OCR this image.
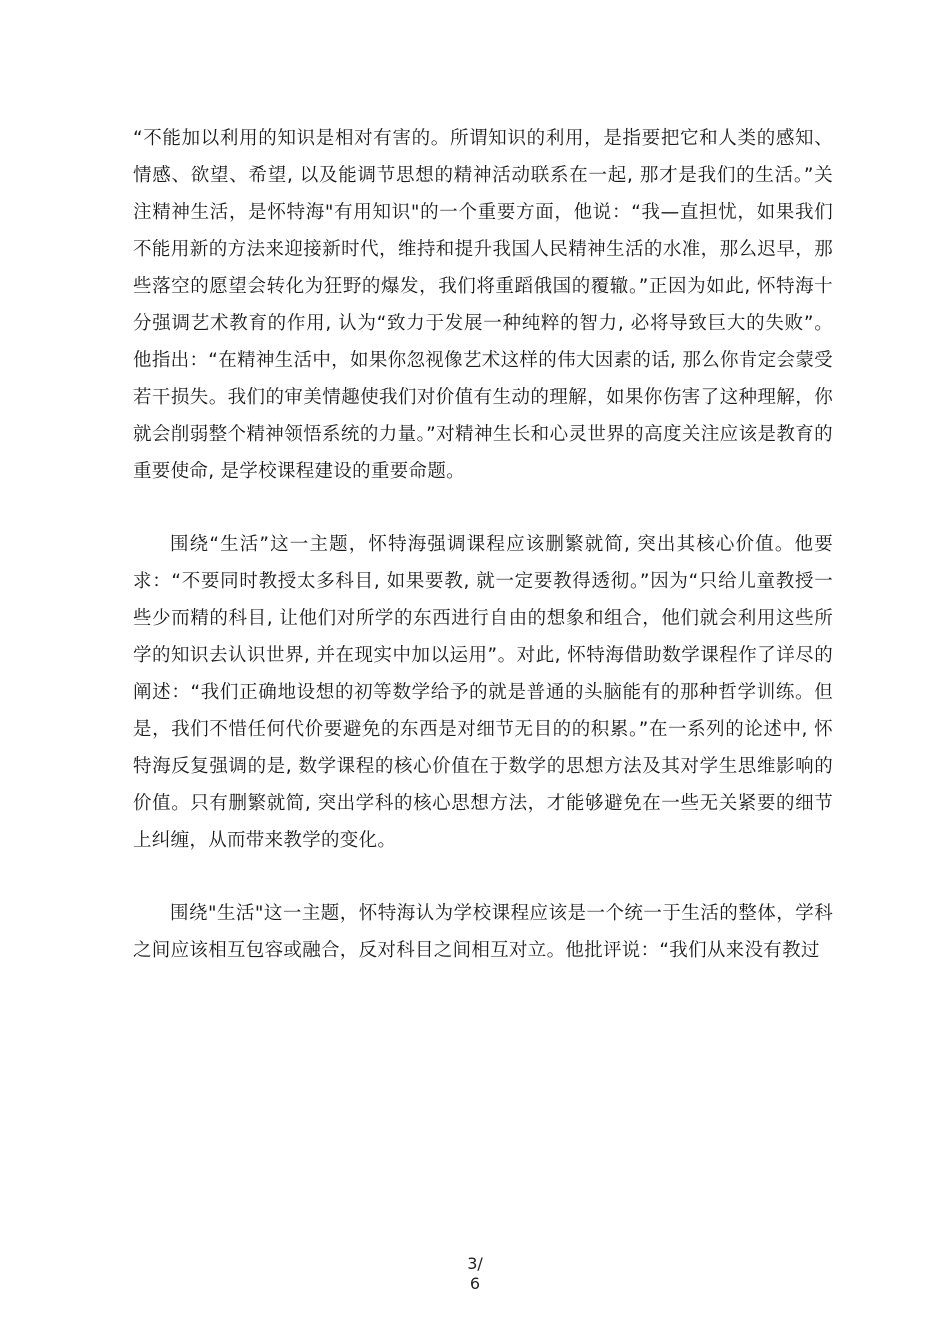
“不能加以利用的知识是相对有害的。所谓知识的利用，是指要把它和人类的感知、情感、欲望、希望, 以及能调节思想的精神活动联系在一起, 那才是我们的生活。”关注精神生活，是怀特海"有用知识"的一个重要方面，他说：“我—直担忧，如果我们不能用新的方法来迎接新时代，维持和提升我国人民精神生活的水准，那么迟早，那些落空的愿望会转化为狂野的爆发，我们将重蹈俄国的覆辙。”正因为如此, 怀特海十分强调艺术教育的作用, 认为“致力于发展一种纯粹的智力, 必将导致巨大的失败”。他指出：“在精神生活中，如果你忽视像艺术这样的伟大因素的话, 那么你肯定会蒙受若干损失。我们的审美情趣使我们对价值有生动的理解，如果你伤害了这种理解，你就会削弱整个精神领悟系统的力量。”对精神生长和心灵世界的高度关注应该是教育的重要使命, 是学校课程建设的重要命题。

围绕“生活”这一主题，怀特海强调课程应该删繁就简, 突出其核心价值。他要求：“不要同时教授太多科目, 如果要教, 就一定要教得透彻。”因为“只给儿童教授一些少而精的科目, 让他们对所学的东西进行自由的想象和组合，他们就会利用这些所学的知识去认识世界, 并在现实中加以运用”。对此, 怀特海借助数学课程作了详尽的阐述：“我们正确地设想的初等数学给予的就是普通的头脑能有的那种哲学训练。但是，我们不惜任何代价要避免的东西是对细节无目的的积累。”在一系列的论述中, 怀特海反复强调的是, 数学课程的核心价值在于数学的思想方法及其对学生思维影响的价值。只有删繁就简, 突出学科的核心思想方法，才能够避免在一些无关紧要的细节上纠缠，从而带来教学的变化。

围绕"生活"这一主题，怀特海认为学校课程应该是一个统一于生活的整体，学科之间应该相互包容或融合，反对科目之间相互对立。他批评说：“我们从来没有教过

3/
6
